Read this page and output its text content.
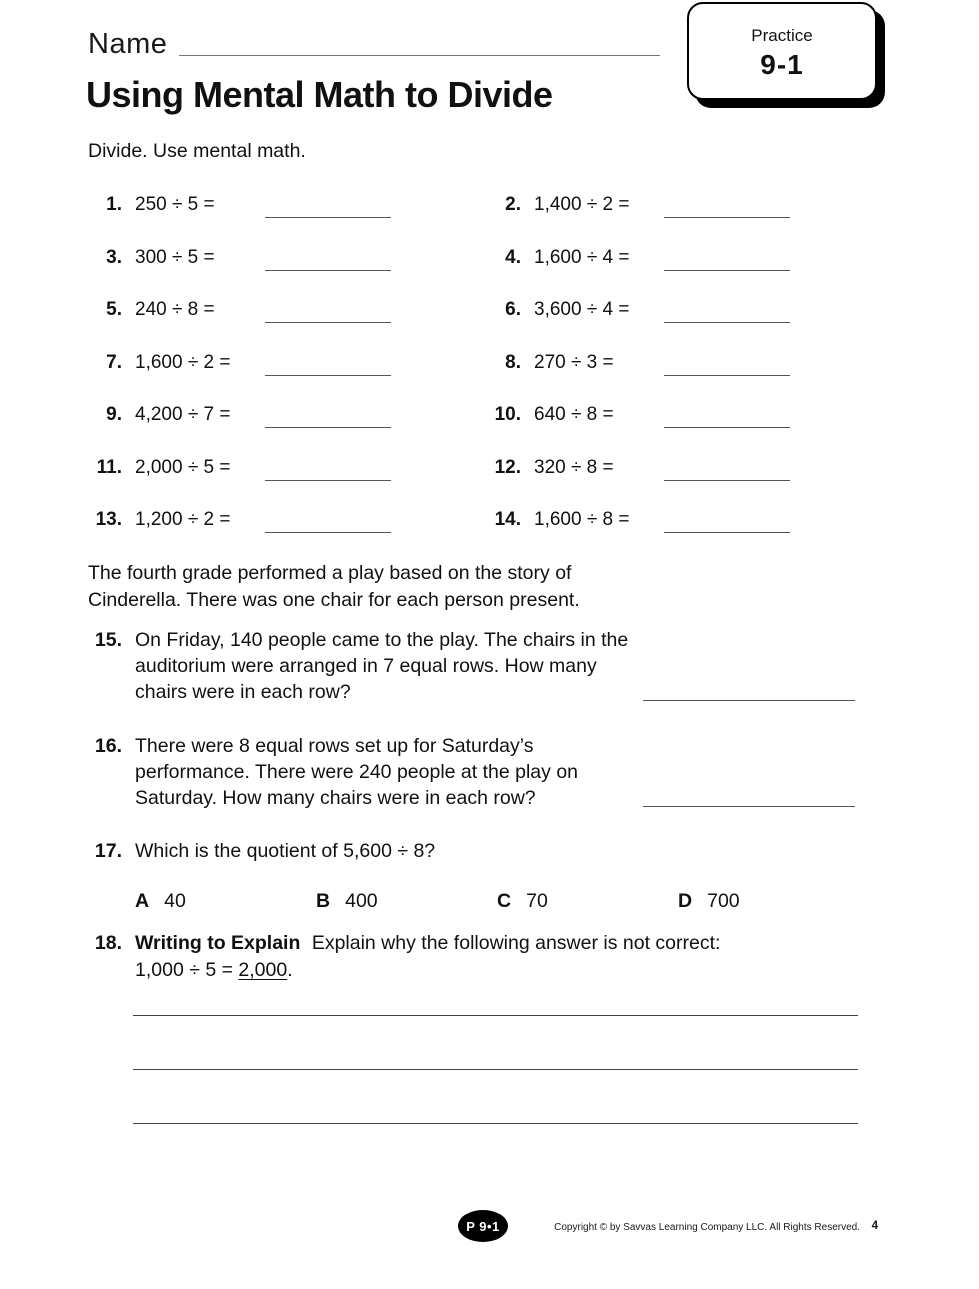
Name	Practice
9-1
Using Mental Math to Divide

Divide. Use mental math.

1. 250 ÷ 5 =	2. 1,400 ÷ 2 =
3. 300 ÷ 5 =	4. 1,600 ÷ 4 =
5. 240 ÷ 8 =	6. 3,600 ÷ 4 =
7. 1,600 ÷ 2 =	8. 270 ÷ 3 =
9. 4,200 ÷ 7 =	10. 640 ÷ 8 =
11. 2,000 ÷ 5 =	12. 320 ÷ 8 =
13. 1,200 ÷ 2 =	14. 1,600 ÷ 8 =
The fourth grade performed a play based on the story of Cinderella. There was one chair for each person present.
15. On Friday, 140 people came to the play. The chairs in the auditorium were arranged in 7 equal rows. How many chairs were in each row?
16. There were 8 equal rows set up for Saturday’s performance. There were 240 people at the play on Saturday. How many chairs were in each row?
17. Which is the quotient of 5,600 ÷ 8?
A 40	B 400	C 70	D 700
18. Writing to Explain Explain why the following answer is not correct: 1,000 ÷ 5 = 2,000.
P 9•1	Copyright © by Savvas Learning Company LLC. All Rights Reserved. 4
